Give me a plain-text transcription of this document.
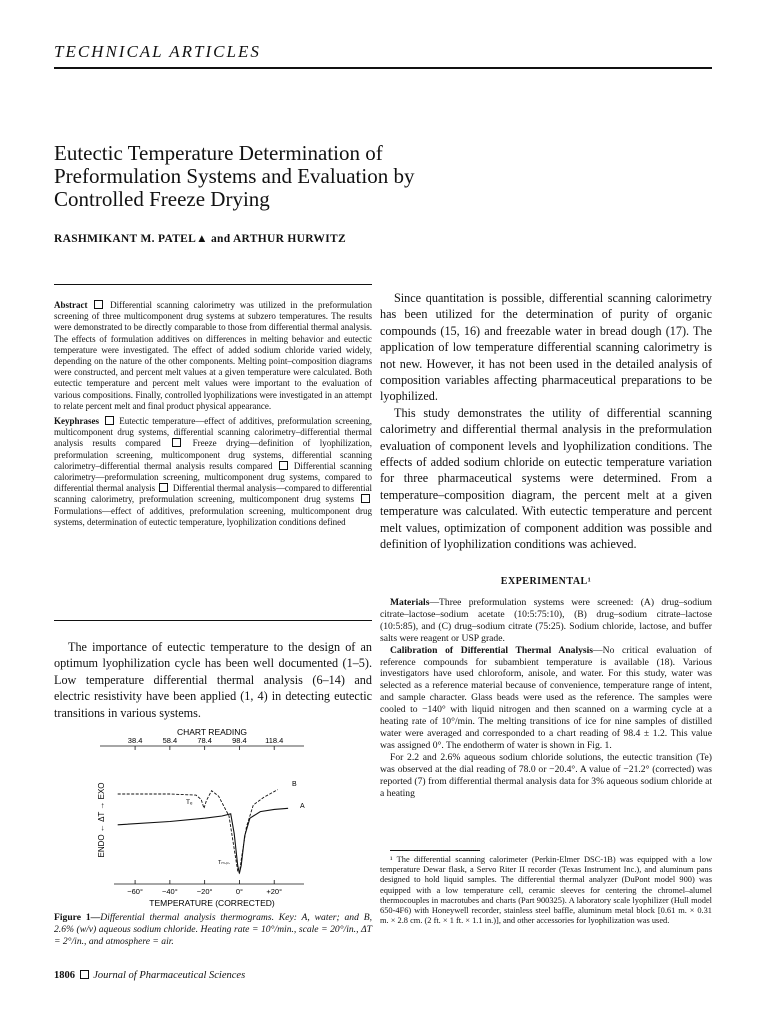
TECHNICAL ARTICLES
Eutectic Temperature Determination of Preformulation Systems and Evaluation by Controlled Freeze Drying
RASHMIKANT M. PATEL▲ and ARTHUR HURWITZ

Abstract	Differential scanning calorimetry was utilized in the preformulation screening of three multicomponent drug systems at subzero temperatures. The results were demonstrated to be directly comparable to those from differential thermal analysis. The effects of formulation additives on differences in melting behavior and eutectic temperature were investigated. The effect of added sodium chloride varied widely, depending on the nature of the other components. Melting point–composition diagrams were constructed, and percent melt values at a given temperature were calculated. Both eutectic temperature and percent melt values were important to the evaluation of various compositions. Finally, controlled lyophilizations were investigated in an attempt to relate percent melt and final product physical appearance.

Keyphrases Eutectic temperature—effect of additives, preformulation screening, multicomponent drug systems, differential scanning calorimetry–differential thermal analysis results compared	Freeze drying—definition of lyophilization, preformulation screening, multicomponent drug systems, differential scanning calorimetry–differential thermal analysis results compared Differential scanning calorimetry—preformulation screening, multicomponent drug systems, compared to differential thermal analysis Differential thermal analysis—compared to differential scanning calorimetry, preformulation screening, multicomponent drug systems  Formulations—effect of additives, preformulation screening, multicomponent drug systems, determination of eutectic temperature, lyophilization conditions defined

The importance of eutectic temperature to the design of an optimum lyophilization cycle has been well documented (1–5). Low temperature differential thermal analysis (6–14) and electric resistivity have been applied (1, 4) in detecting eutectic transitions in various systems.

CHART READING
38.4	58.4	78.4	98.4 118.4
ENDO ← ΔT → EXO
−60°	−40°	−20°	0°	+20°
TEMPERATURE (CORRECTED)
B
A
Tₑ
Tₘ.ₚ.
Figure 1—Differential thermal analysis thermograms. Key: A, water; and B, 2.6% (w/v) aqueous sodium chloride. Heating rate = 10°/min., scale = 20°/in., ΔT = 2°/in., and atmosphere = air.
1806 Journal of Pharmaceutical Sciences

Since quantitation is possible, differential scanning calorimetry has been utilized for the determination of purity of organic compounds (15, 16) and freezable water in bread dough (17). The application of low temperature differential scanning calorimetry is not new. However, it has not been used in the detailed analysis of composition variables affecting pharmaceutical preparations to be lyophilized.

This study demonstrates the utility of differential scanning calorimetry and differential thermal analysis in the preformulation evaluation of component levels and lyophilization conditions. The effects of added sodium chloride on eutectic temperature variation for three pharmaceutical systems were determined. From a temperature–composition diagram, the percent melt at a given temperature was calculated. With eutectic temperature and percent melt values, optimization of component addition was possible and definition of lyophilization conditions was achieved.

EXPERIMENTAL¹

Materials—Three preformulation systems were screened: (A) drug–sodium citrate–lactose–sodium acetate (10:5:75:10), (B) drug–sodium citrate–lactose (10:5:85), and (C) drug–sodium citrate (75:25). Sodium chloride, lactose, and buffer salts were reagent or USP grade.

Calibration of Differential Thermal Analysis—No critical evaluation of reference compounds for subambient temperature is available (18). Various investigators have used chloroform, anisole, and water. For this study, water was selected as a reference material because of convenience, temperature range of intent, and sample character. Glass beads were used as the reference. The samples were cooled to −140° with liquid nitrogen and then scanned on a warming cycle at a heating rate of 10°/min. The melting transitions of ice for nine samples of distilled water were averaged and corresponded to a chart reading of 98.4 ± 1.2. This value was assigned 0°. The endotherm of water is shown in Fig. 1.

For 2.2 and 2.6% aqueous sodium chloride solutions, the eutectic transition (Te) was observed at the dial reading of 78.0 or −20.4°. A value of −21.2° (corrected) was reported (7) from differential thermal analysis data for 3% aqueous sodium chloride at a heating

¹ The differential scanning calorimeter (Perkin-Elmer DSC-1B) was equipped with a low temperature Dewar flask, a Servo Riter II recorder (Texas Instrument Inc.), and aluminum pans designed to hold liquid samples. The differential thermal analyzer (DuPont model 900) was equipped with a low temperature cell, ceramic sleeves for centering the chromel–alumel thermocouples in macrotubes and charts (Part 900325). A laboratory scale lyophilizer (Hull model 650-4F6) with Honeywell recorder, stainless steel baffle, aluminum metal block [0.61 m. × 0.31 m. × 2.8 cm. (2 ft. × 1 ft. × 1.1 in.)], and other accessories for lyophilization was used.
